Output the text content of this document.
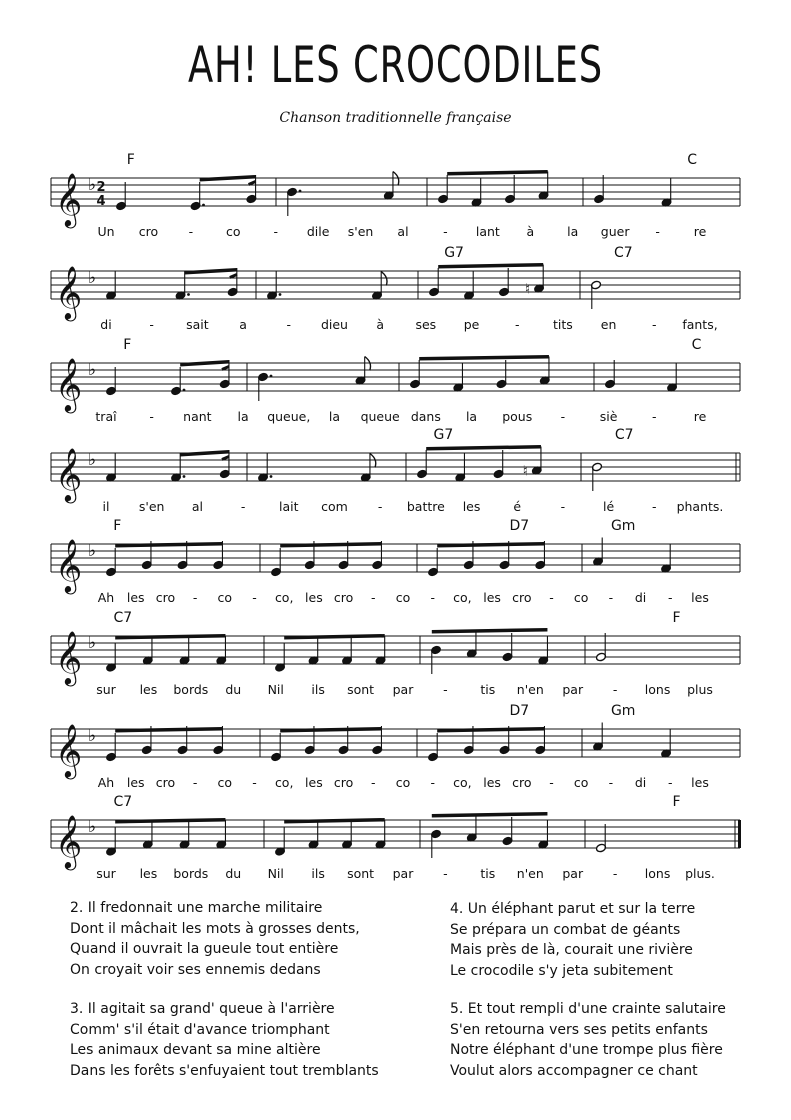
AH! LES CROCODILES

Chanson traditionnelle française

𝄞 ♭ 2
4
F	C
Un cro -	co	- dile s'en al	- lant à	la guer -	re
𝄞 ♭
♮
G7	C7
di	-	sait a	- dieu à	ses pe	-	tits en	- fants,
𝄞 ♭
F	C
traî	- nant la queue, la queue dans la pous -	siè	-	re
𝄞 ♭
♮
G7	C7
il s'en al	-	lait com - battre les	é	-	lé	- phants.
𝄞 ♭
F	D7	Gm
Ah les cro - co - co, les cro - co - co, les cro - co - di - les
𝄞 ♭
C7	F
sur les bords du Nil ils sont par -	tis n'en par - lons plus
𝄞 ♭
D7	Gm
Ah les cro - co - co, les cro - co - co, les cro - co - di - les
𝄞 ♭
C7	F
sur les bords du Nil ils sont par -	tis n'en par - lons plus.
2. Il fredonnait une marche militaire
Dont il mâchait les mots à grosses dents,
Quand il ouvrait la gueule tout entière
On croyait voir ses ennemis dedans
3. Il agitait sa grand' queue à l'arrière
Comm' s'il était d'avance triomphant
Les animaux devant sa mine altière
Dans les forêts s'enfuyaient tout tremblants
4. Un éléphant parut et sur la terre
Se prépara un combat de géants
Mais près de là, courait une rivière
Le crocodile s'y jeta subitement
5. Et tout rempli d'une crainte salutaire
S'en retourna vers ses petits enfants
Notre éléphant d'une trompe plus fière
Voulut alors accompagner ce chant
